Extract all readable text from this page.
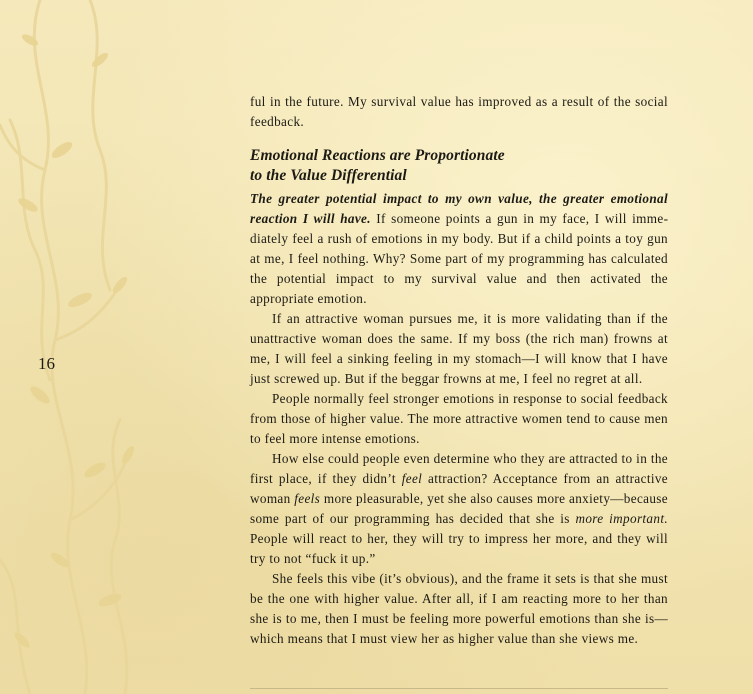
16

ful in the future. My survival value has improved as a result of the social feedback.

Emotional Reactions are Proportionate
to the Value Differential

The greater potential impact to my own value, the greater emotional reaction I will have. If someone points a gun in my face, I will immediately feel a rush of emotions in my body. But if a child points a toy gun at me, I feel nothing. Why? Some part of my programming has calculated the potential impact to my survival value and then activated the appropriate emotion.

If an attractive woman pursues me, it is more validating than if the unattractive woman does the same. If my boss (the rich man) frowns at me, I will feel a sinking feeling in my stomach—I will know that I have just screwed up. But if the beggar frowns at me, I feel no regret at all.

People normally feel stronger emotions in response to social feedback from those of higher value. The more attractive women tend to cause men to feel more intense emotions.

How else could people even determine who they are attracted to in the first place, if they didn’t feel attraction? Acceptance from an attractive woman feels more pleasurable, yet she also causes more anxiety—because some part of our programming has decided that she is more important. People will react to her, they will try to impress her more, and they will try to not “fuck it up.”

She feels this vibe (it’s obvious), and the frame it sets is that she must be the one with higher value. After all, if I am reacting more to her than she is to me, then I must be feeling more powerful emotions than she is—which means that I must view her as higher value than she views me.
